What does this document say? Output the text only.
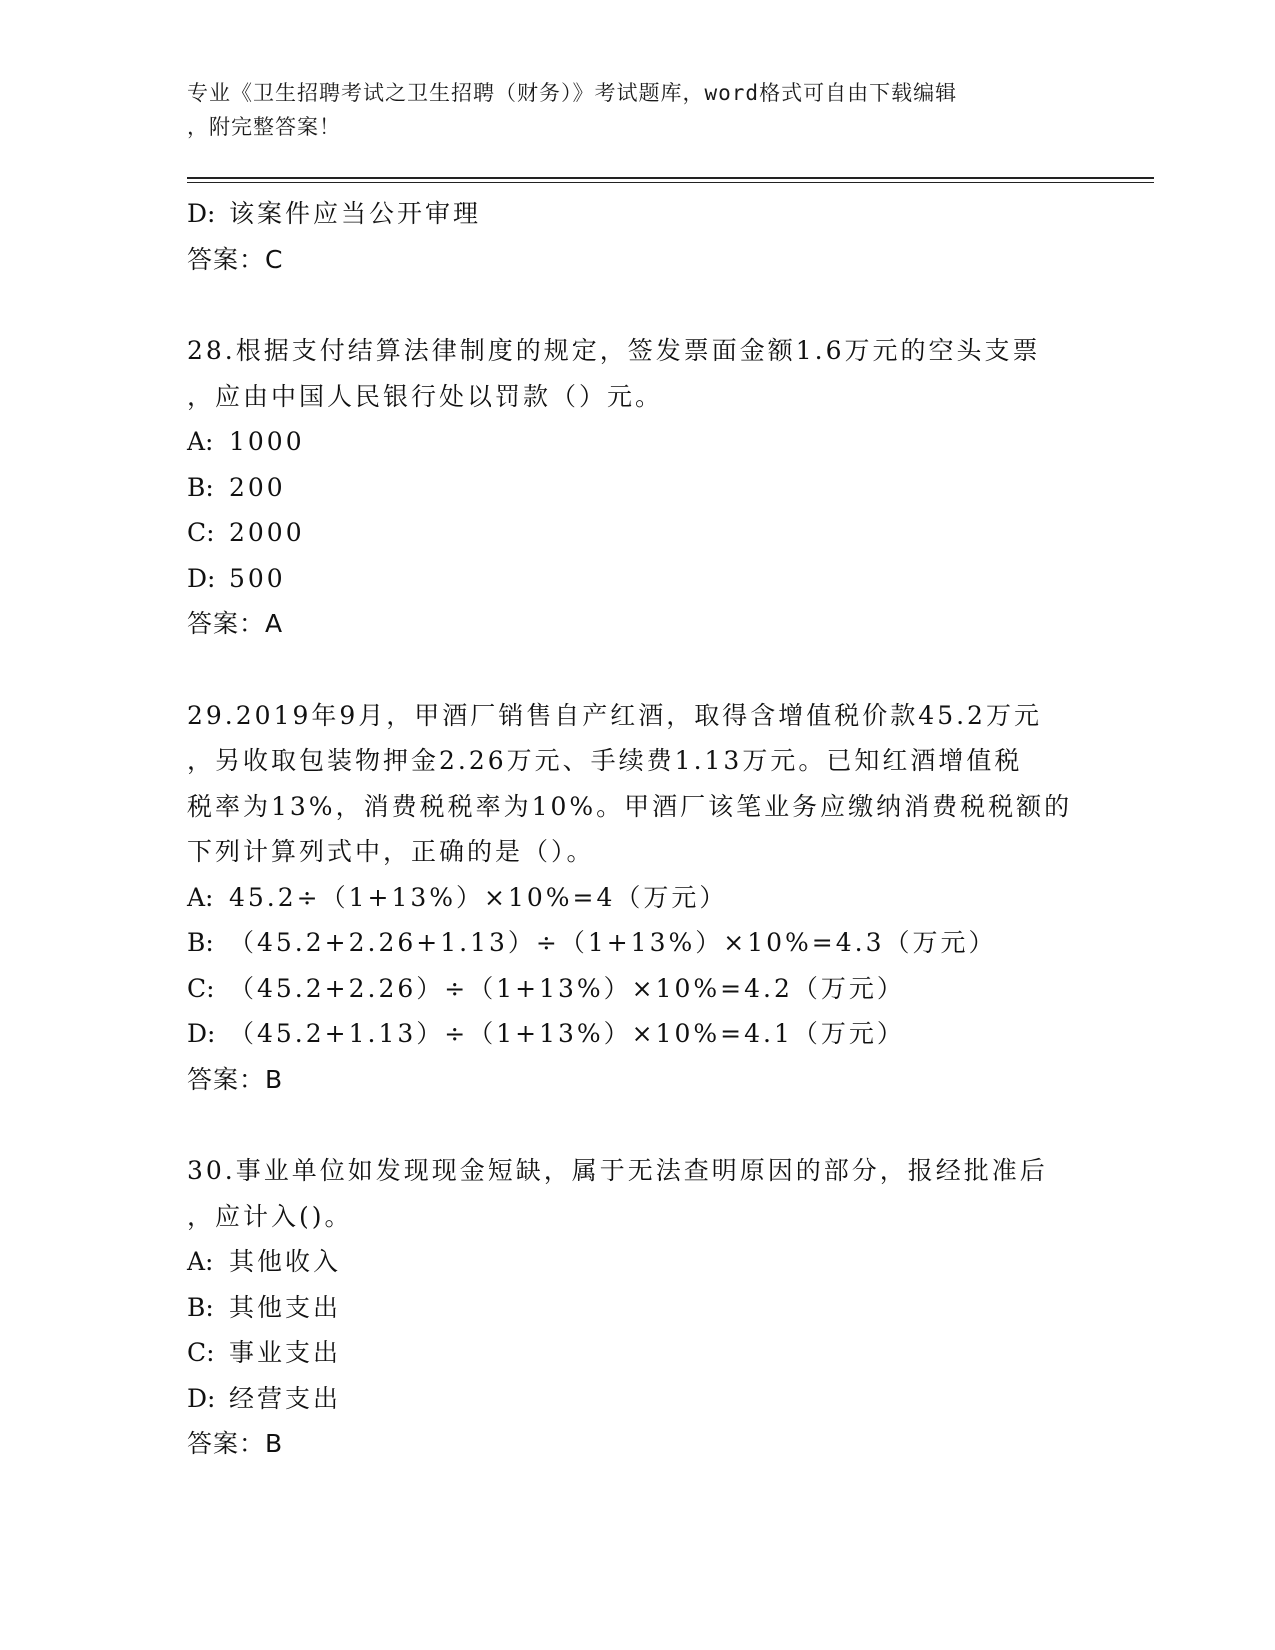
专业《卫生招聘考试之卫生招聘（财务）》考试题库，word格式可自由下载编辑
，附完整答案！
D: 该案件应当公开审理
答案：C
28.根据支付结算法律制度的规定，签发票面金额1.6万元的空头支票
，应由中国人民银行处以罚款（）元。
A: 1000
B: 200
C: 2000
D: 500
答案：A
29.2019年9月，甲酒厂销售自产红酒，取得含增值税价款45.2万元
，另收取包装物押金2.26万元、手续费1.13万元。已知红酒增值税
税率为13%，消费税税率为10%。甲酒厂该笔业务应缴纳消费税税额的
下列计算列式中，正确的是（）。
A: 45.2÷（1+13%）×10%=4（万元）
B: （45.2+2.26+1.13）÷（1+13%）×10%=4.3（万元）
C: （45.2+2.26）÷（1+13%）×10%=4.2（万元）
D: （45.2+1.13）÷（1+13%）×10%=4.1（万元）
答案：B
30.事业单位如发现现金短缺，属于无法查明原因的部分，报经批准后
，应计入()。
A: 其他收入
B: 其他支出
C: 事业支出
D: 经营支出
答案：B
